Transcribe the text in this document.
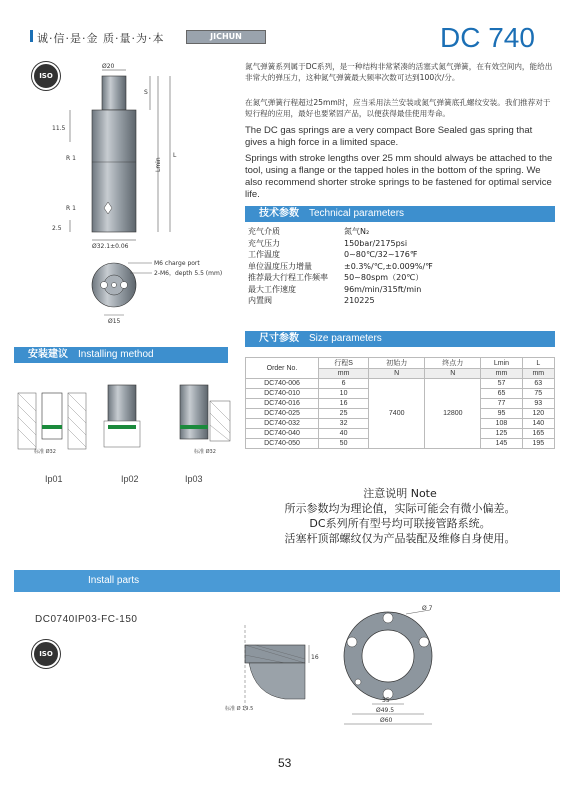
诚·信·是·金 质·量·为·本	JICHUN	DC 740
ISO
Ø20
S
11.5
R 1
R 1
Lmin
L
2.5
Ø32.1±0.06
M6 charge port
2-M6，depth 5.5 (mm)
Ø15
氮气弹簧系列属于DC系列，是一种结构非常紧凑的活塞式氮气弹簧，在有效空间内，能给出非常大的弹压力，这种氮气弹簧最大频率次数可达到100次/分。
在氮气弹簧行程超过25mm时，应当采用法兰安装或氮气弹簧底孔螺纹安装。我们推荐对于短行程的应用，最好也要紧固产品，以便获得最佳使用寿命。
The DC gas springs are a very compact Bore Sealed gas spring that gives a high force in a limited space.
Springs with stroke lengths over 25 mm should always be attached to the tool, using a flange or the tapped holes in the bottom of the spring. We also recommend shorter stroke springs to be fastened for optimal service life.
技术参数 Technical parameters
充气介质	氮气N₂
充气压力	150bar/2175psi
工作温度	0~80℃/32~176℉
单位温度压力增量	±0.3%/℃,±0.009%/℉
推荐最大行程工作频率	50~80spm（20℃）
最大工作速度	96m/min/315ft/min
内置阀	210225
尺寸参数 Size parameters
Order No.	行程S	初始力	终点力	Lmin	L
	mm	N	N	mm	mm
DC740-006	6	7400	12800	57	63
DC740-010	10			65	75
DC740-016	16			77	93
DC740-025	25			95	120
DC740-032	32			108	140
DC740-040	40			125	165
DC740-050	50			145	195
安装建议 Installing method
标准 Ø32	标准 Ø32
Ip01	Ip02	Ip03
注意说明 Note
所示参数均为理论值，实际可能会有微小偏差。
DC系列所有型号均可联接管路系统。
活塞杆顶部螺纹仅为产品装配及维修自身使用。
Install parts
DC0740IP03-FC-150
ISO	16
标准 Ø 19.5
Ø 7
35
Ø49.5
Ø60
53
